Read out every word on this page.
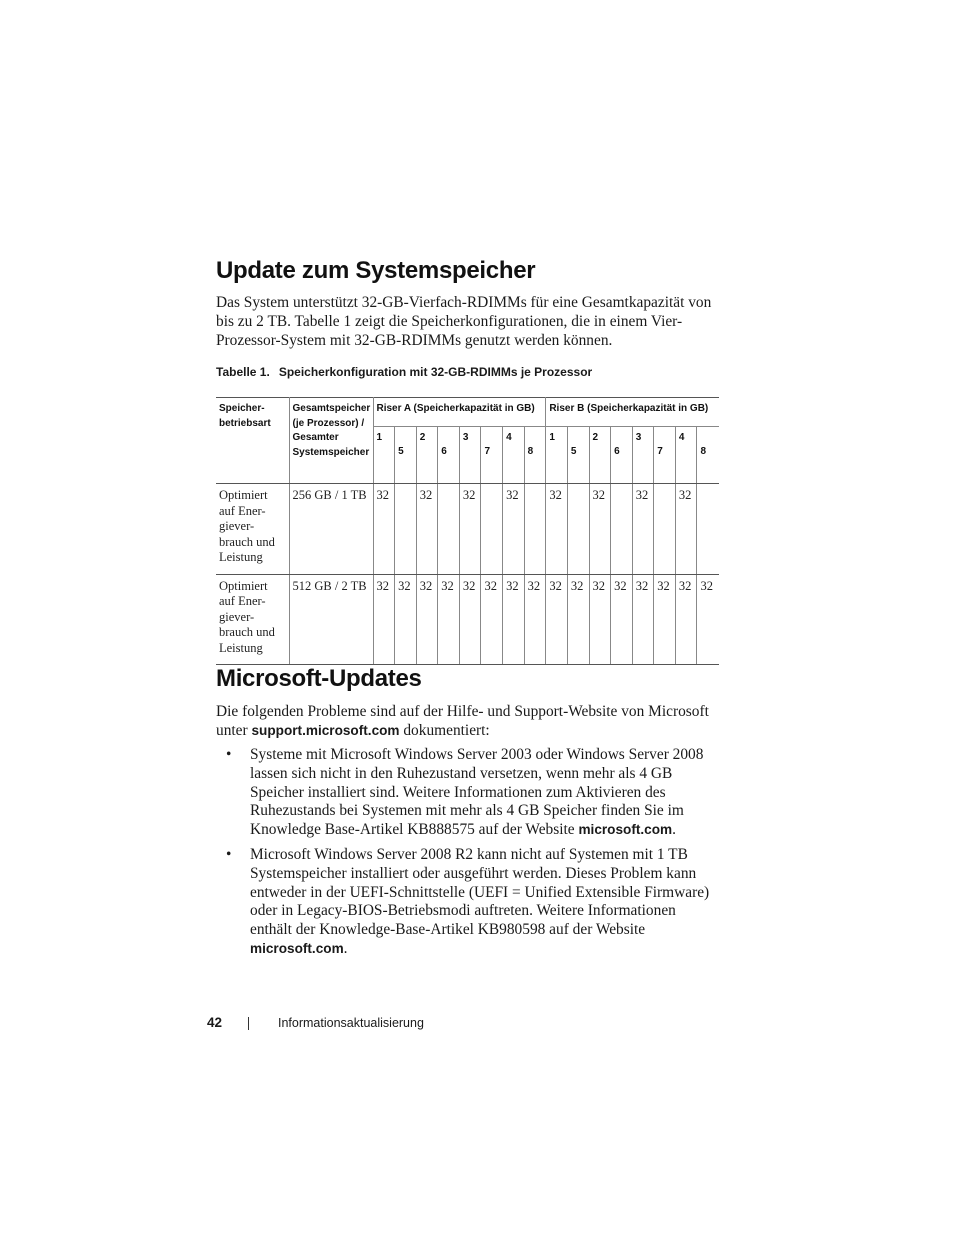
Update zum Systemspeicher
Das System unterstützt 32-GB-Vierfach-RDIMMs für eine Gesamtkapazität von bis zu 2 TB. Tabelle 1 zeigt die Speicherkonfigurationen, die in einem Vier-Prozessor-System mit 32-GB-RDIMMs genutzt werden können.
Tabelle 1. Speicherkonfiguration mit 32-GB-RDIMMs je Prozessor
Speicher-betriebsart	Gesamtspeicher (je Prozessor) / Gesamter Systemspeicher	Riser A (Speicherkapazität in GB)								Riser B (Speicherkapazität in GB)							
		1	5	2	6	3	7	4	8	1	5	2	6	3	7	4	8
Optimiert auf Ener-giever-brauch und Leistung	256 GB / 1 TB	32		32		32		32		32		32		32		32	
Optimiert auf Ener-giever-brauch und Leistung	512 GB / 2 TB	32	32	32	32	32	32	32	32	32	32	32	32	32	32	32	32
Microsoft-Updates
Die folgenden Probleme sind auf der Hilfe- und Support-Website von Microsoft unter support.microsoft.com dokumentiert:
• Systeme mit Microsoft Windows Server 2003 oder Windows Server 2008 lassen sich nicht in den Ruhezustand versetzen, wenn mehr als 4 GB Speicher installiert sind. Weitere Informationen zum Aktivieren des Ruhezustands bei Systemen mit mehr als 4 GB Speicher finden Sie im Knowledge Base-Artikel KB888575 auf der Website microsoft.com.
• Microsoft Windows Server 2008 R2 kann nicht auf Systemen mit 1 TB Systemspeicher installiert oder ausgeführt werden. Dieses Problem kann entweder in der UEFI-Schnittstelle (UEFI = Unified Extensible Firmware) oder in Legacy-BIOS-Betriebsmodi auftreten. Weitere Informationen enthält der Knowledge-Base-Artikel KB980598 auf der Website microsoft.com.
42	Informationsaktualisierung
